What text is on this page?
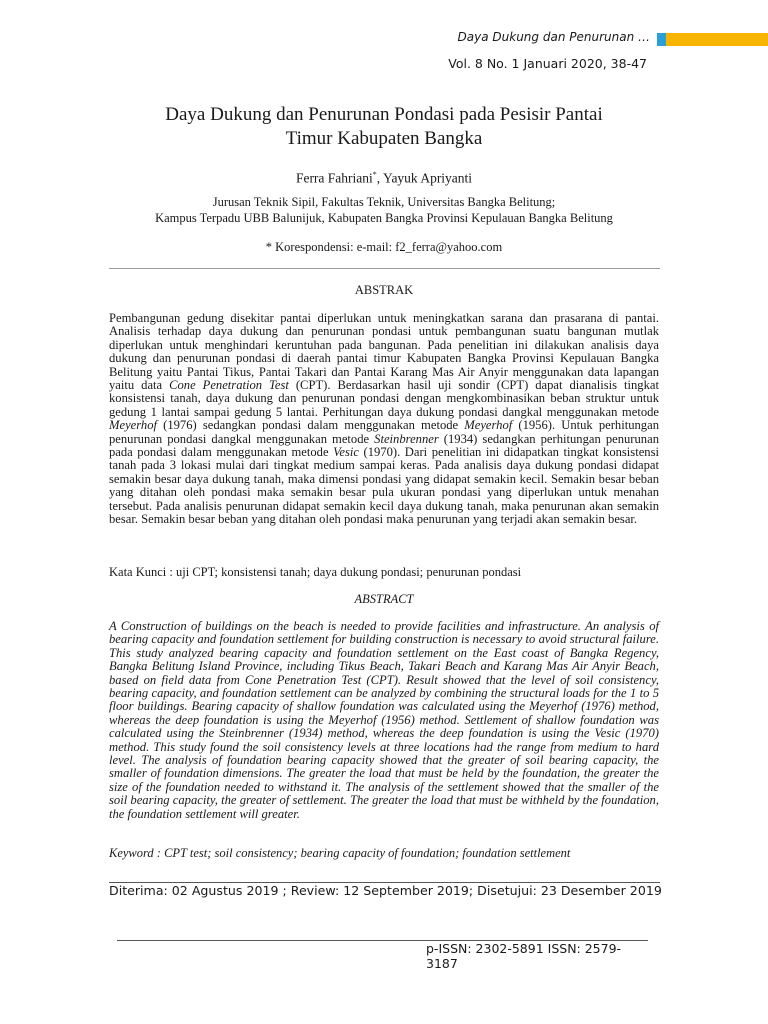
Daya Dukung dan Penurunan …
Vol. 8 No. 1 Januari 2020, 38-47
Daya Dukung dan Penurunan Pondasi pada Pesisir Pantai
Timur Kabupaten Bangka
Ferra Fahriani*, Yayuk Apriyanti
Jurusan Teknik Sipil, Fakultas Teknik, Universitas Bangka Belitung;
Kampus Terpadu UBB Balunijuk, Kabupaten Bangka Provinsi Kepulauan Bangka Belitung
* Korespondensi: e-mail: f2_ferra@yahoo.com
ABSTRAK
Pembangunan gedung disekitar pantai diperlukan untuk meningkatkan sarana dan prasarana di pantai. Analisis terhadap daya dukung dan penurunan pondasi untuk pembangunan suatu bangunan mutlak diperlukan untuk menghindari keruntuhan pada bangunan. Pada penelitian ini dilakukan analisis daya dukung dan penurunan pondasi di daerah pantai timur Kabupaten Bangka Provinsi Kepulauan Bangka Belitung yaitu Pantai Tikus, Pantai Takari dan Pantai Karang Mas Air Anyir menggunakan data lapangan yaitu data Cone Penetration Test (CPT). Berdasarkan hasil uji sondir (CPT) dapat dianalisis tingkat konsistensi tanah, daya dukung dan penurunan pondasi dengan mengkombinasikan beban struktur untuk gedung 1 lantai sampai gedung 5 lantai. Perhitungan daya dukung pondasi dangkal menggunakan metode Meyerhof (1976) sedangkan pondasi dalam menggunakan metode Meyerhof (1956). Untuk perhitungan penurunan pondasi dangkal menggunakan metode Steinbrenner (1934) sedangkan perhitungan penurunan pada pondasi dalam menggunakan metode Vesic (1970). Dari penelitian ini didapatkan tingkat konsistensi tanah pada 3 lokasi mulai dari tingkat medium sampai keras. Pada analisis daya dukung pondasi didapat semakin besar daya dukung tanah, maka dimensi pondasi yang didapat semakin kecil. Semakin besar beban yang ditahan oleh pondasi maka semakin besar pula ukuran pondasi yang diperlukan untuk menahan tersebut. Pada analisis penurunan didapat semakin kecil daya dukung tanah, maka penurunan akan semakin besar. Semakin besar beban yang ditahan oleh pondasi maka penurunan yang terjadi akan semakin besar.
Kata Kunci : uji CPT; konsistensi tanah; daya dukung pondasi; penurunan pondasi
ABSTRACT
A Construction of buildings on the beach is needed to provide facilities and infrastructure. An analysis of bearing capacity and foundation settlement for building construction is necessary to avoid structural failure. This study analyzed bearing capacity and foundation settlement on the East coast of Bangka Regency, Bangka Belitung Island Province, including Tikus Beach, Takari Beach and Karang Mas Air Anyir Beach, based on field data from Cone Penetration Test (CPT). Result showed that the level of soil consistency, bearing capacity, and foundation settlement can be analyzed by combining the structural loads for the 1 to 5 floor buildings. Bearing capacity of shallow foundation was calculated using the Meyerhof (1976) method, whereas the deep foundation is using the Meyerhof (1956) method. Settlement of shallow foundation was calculated using the Steinbrenner (1934) method, whereas the deep foundation is using the Vesic (1970) method. This study found the soil consistency levels at three locations had the range from medium to hard level. The analysis of foundation bearing capacity showed that the greater of soil bearing capacity, the smaller of foundation dimensions. The greater the load that must be held by the foundation, the greater the size of the foundation needed to withstand it. The analysis of the settlement showed that the smaller of the soil bearing capacity, the greater of settlement. The greater the load that must be withheld by the foundation, the foundation settlement will greater.
Keyword : CPT test; soil consistency; bearing capacity of foundation; foundation settlement
Diterima: 02 Agustus 2019 ; Review: 12 September 2019; Disetujui: 23 Desember 2019
p-ISSN: 2302-5891 ISSN: 2579-3187
